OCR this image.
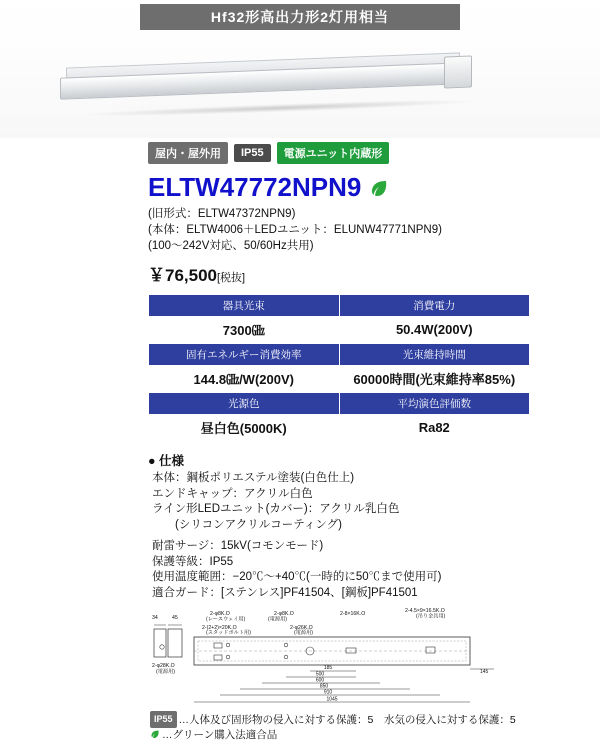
Hf32形高出力形2灯用相当
屋内・屋外用	IP55	電源ユニット内蔵形
ELTW47772NPN9
(旧形式：ELTW47372NPN9)
(本体：ELTW4006＋LEDユニット：ELUNW47771NPN9)
(100～242V対応、50/60Hz共用)
￥76,500[税抜]
器具光束	消費電力
7300㎓	50.4W(200V)
固有エネルギー消費効率	光束維持時間
144.8㎓/W(200V)	60000時間(光束維持率85%)
光源色	平均演色評価数
昼白色(5000K)	Ra82
● 仕様
本体：鋼板ポリエステル塗装(白色仕上)
エンドキャップ：アクリル白色
ライン形LEDユニット(カバー)：アクリル乳白色
　　(シリコンアクリルコーティング)
耐雷サージ：15kV(コモンモード)
保護等級：IP55
使用温度範囲：−20℃～+40℃(一時的に50℃まで使用可)
適合ガード：[ステンレス]PF41504、[鋼板]PF41501
2-φ8K.O
(レースウェイ用)
2-φ8K.O
(電源用)
2-8×16K.O	2-4.5×9×16.5K.O
(吊り金具用)
2-(2+2)×20K.O
(スタッドボルト用)
2-φ26K.O
(電源用)
34	45
2-φ28K.O
(電源用)
185
500
600
850
910
1045
145
IP55 …人体及び固形物の侵入に対する保護：5　水気の侵入に対する保護：5
…グリーン購入法適合品
